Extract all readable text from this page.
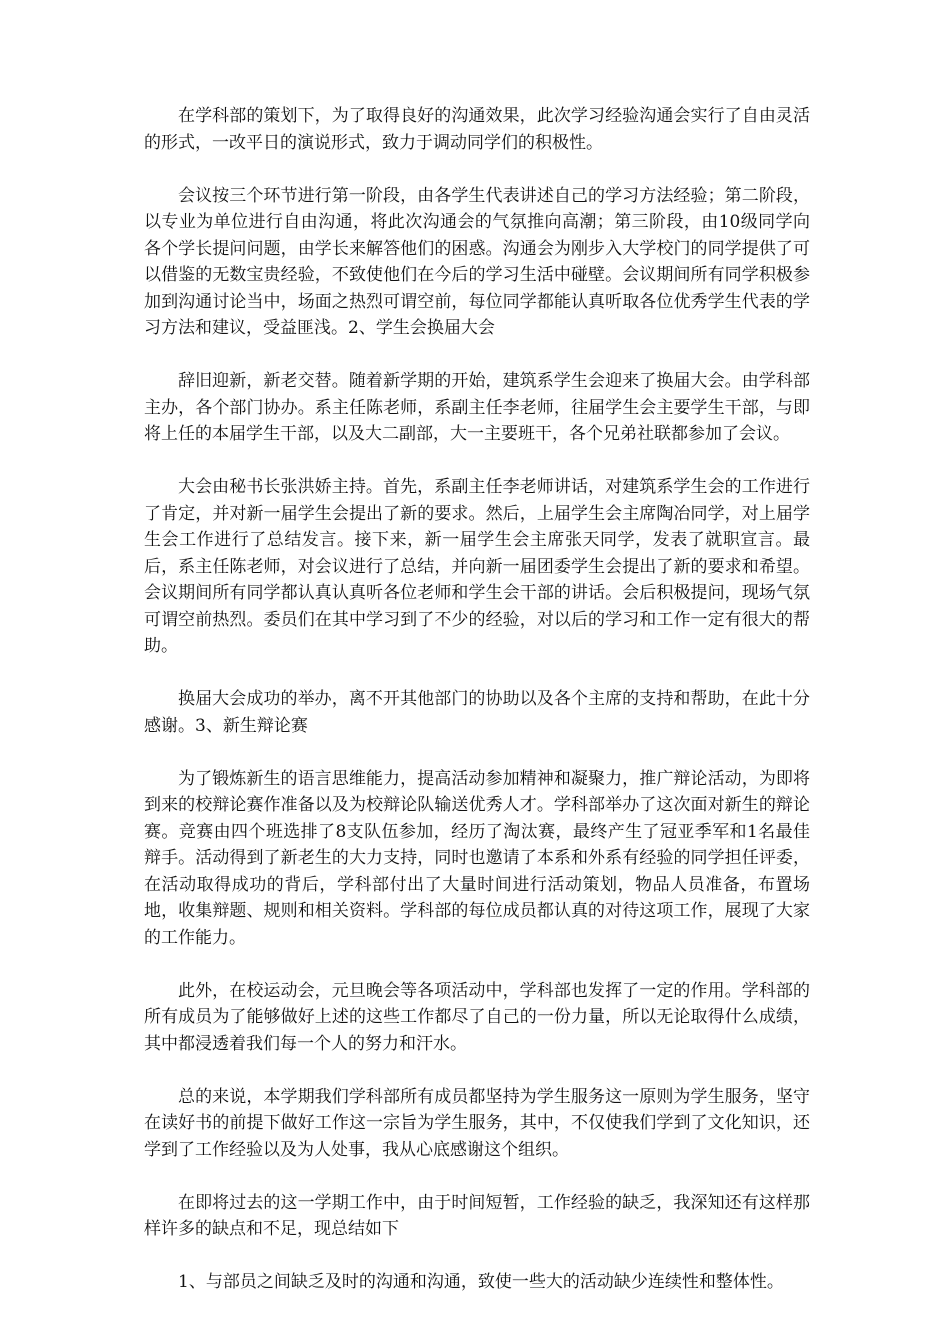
在学科部的策划下，为了取得良好的沟通效果，此次学习经验沟通会实行了自由灵活的形式，一改平日的演说形式，致力于调动同学们的积极性。

会议按三个环节进行第一阶段，由各学生代表讲述自己的学习方法经验；第二阶段，以专业为单位进行自由沟通，将此次沟通会的气氛推向高潮；第三阶段，由10级同学向各个学长提问问题，由学长来解答他们的困惑。沟通会为刚步入大学校门的同学提供了可以借鉴的无数宝贵经验，不致使他们在今后的学习生活中碰壁。会议期间所有同学积极参加到沟通讨论当中，场面之热烈可谓空前，每位同学都能认真听取各位优秀学生代表的学习方法和建议，受益匪浅。2、学生会换届大会

辞旧迎新，新老交替。随着新学期的开始，建筑系学生会迎来了换届大会。由学科部主办，各个部门协办。系主任陈老师，系副主任李老师，往届学生会主要学生干部，与即将上任的本届学生干部，以及大二副部，大一主要班干，各个兄弟社联都参加了会议。

大会由秘书长张洪娇主持。首先，系副主任李老师讲话，对建筑系学生会的工作进行了肯定，并对新一届学生会提出了新的要求。然后，上届学生会主席陶冶同学，对上届学生会工作进行了总结发言。接下来，新一届学生会主席张天同学，发表了就职宣言。最后，系主任陈老师，对会议进行了总结，并向新一届团委学生会提出了新的要求和希望。会议期间所有同学都认真认真听各位老师和学生会干部的讲话。会后积极提问，现场气氛可谓空前热烈。委员们在其中学习到了不少的经验，对以后的学习和工作一定有很大的帮助。

换届大会成功的举办，离不开其他部门的协助以及各个主席的支持和帮助，在此十分感谢。3、新生辩论赛

为了锻炼新生的语言思维能力，提高活动参加精神和凝聚力，推广辩论活动，为即将到来的校辩论赛作准备以及为校辩论队输送优秀人才。学科部举办了这次面对新生的辩论赛。竞赛由四个班选排了8支队伍参加，经历了淘汰赛，最终产生了冠亚季军和1名最佳辩手。活动得到了新老生的大力支持，同时也邀请了本系和外系有经验的同学担任评委，在活动取得成功的背后，学科部付出了大量时间进行活动策划，物品人员准备，布置场地，收集辩题、规则和相关资料。学科部的每位成员都认真的对待这项工作，展现了大家的工作能力。

此外，在校运动会，元旦晚会等各项活动中，学科部也发挥了一定的作用。学科部的所有成员为了能够做好上述的这些工作都尽了自己的一份力量，所以无论取得什么成绩，其中都浸透着我们每一个人的努力和汗水。

总的来说，本学期我们学科部所有成员都坚持为学生服务这一原则为学生服务，坚守在读好书的前提下做好工作这一宗旨为学生服务，其中，不仅使我们学到了文化知识，还学到了工作经验以及为人处事，我从心底感谢这个组织。

在即将过去的这一学期工作中，由于时间短暂，工作经验的缺乏，我深知还有这样那样许多的缺点和不足，现总结如下

1、与部员之间缺乏及时的沟通和沟通，致使一些大的活动缺少连续性和整体性。
